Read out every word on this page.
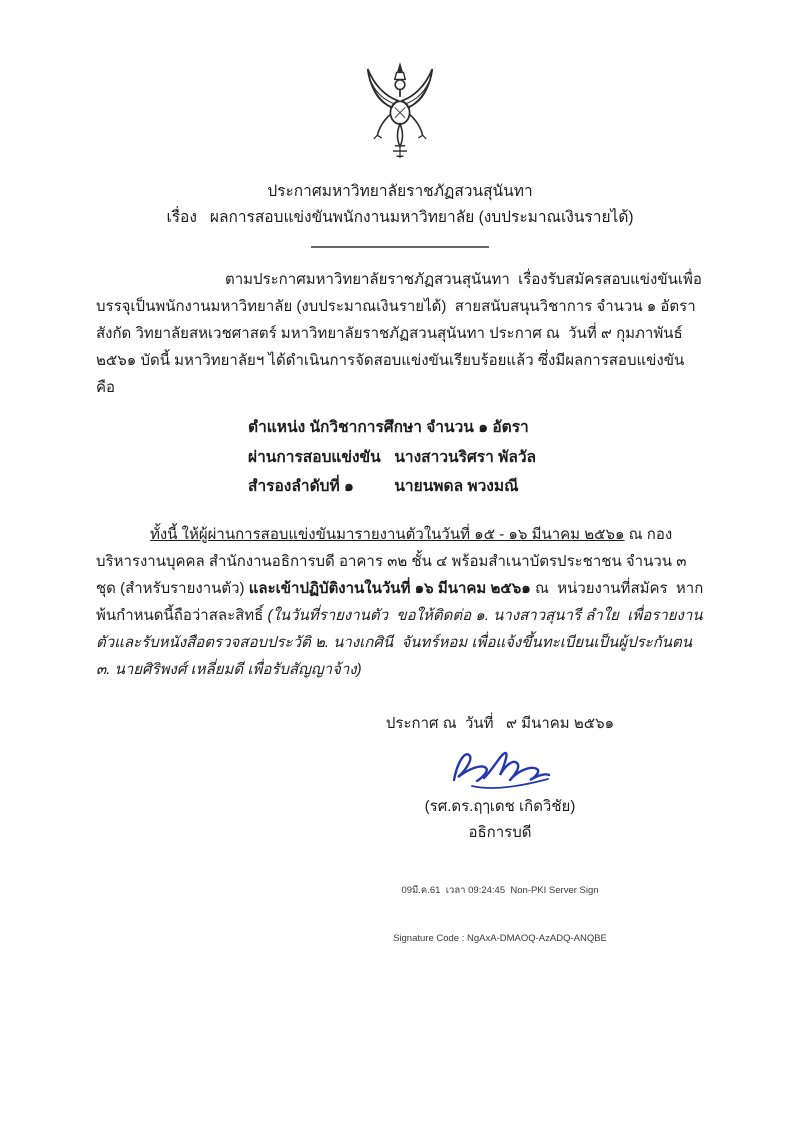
ประกาศมหาวิทยาลัยราชภัฏสวนสุนันทา
เรื่อง   ผลการสอบแข่งขันพนักงานมหาวิทยาลัย (งบประมาณเงินรายได้)
ตามประกาศมหาวิทยาลัยราชภัฏสวนสุนันทา  เรื่องรับสมัครสอบแข่งขันเพื่อบรรจุเป็นพนักงานมหาวิทยาลัย (งบประมาณเงินรายได้)  สายสนับสนุนวิชาการ จำนวน ๑ อัตรา  สังกัด วิทยาลัยสหเวชศาสตร์ มหาวิทยาลัยราชภัฏสวนสุนันทา ประกาศ ณ  วันที่ ๙ กุมภาพันธ์ ๒๕๖๑ บัดนี้ มหาวิทยาลัยฯ ได้ดำเนินการจัดสอบแข่งขันเรียบร้อยแล้ว ซึ่งมีผลการสอบแข่งขัน คือ
ตำแหน่ง นักวิชาการศึกษา จำนวน ๑ อัตรา
ผ่านการสอบแข่งขัน นางสาวนริศรา พัลวัล
สำรองลำดับที่ ๑	นายนพดล พวงมณี
ทั้งนี้ ให้ผู้ผ่านการสอบแข่งขันมารายงานตัวในวันที่ ๑๕ - ๑๖ มีนาคม ๒๕๖๑ ณ กองบริหารงานบุคคล สำนักงานอธิการบดี อาคาร ๓๒ ชั้น ๔ พร้อมสำเนาบัตรประชาชน จำนวน ๓ ชุด (สำหรับรายงานตัว) และเข้าปฏิบัติงานในวันที่ ๑๖ มีนาคม ๒๕๖๑ ณ  หน่วยงานที่สมัคร  หากพ้นกำหนดนี้ถือว่าสละสิทธิ์ (ในวันที่รายงานตัว  ขอให้ติดต่อ ๑. นางสาวสุนารี ลำใย  เพื่อรายงานตัวและรับหนังสือตรวจสอบประวัติ ๒. นางเกศินี  จันทร์หอม เพื่อแจ้งขึ้นทะเบียนเป็นผู้ประกันตน ๓. นายศิริพงศ์ เหลี่ยมดี เพื่อรับสัญญาจ้าง)
ประกาศ ณ  วันที่   ๙ มีนาคม ๒๕๖๑
(รศ.ดร.ฤๅเดช เกิดวิชัย)
อธิการบดี

09มี.ค.61  เวลา 09:24:45  Non-PKI Server Sign

Signature Code : NgAxA-DMAOQ-AzADQ-ANQBE
